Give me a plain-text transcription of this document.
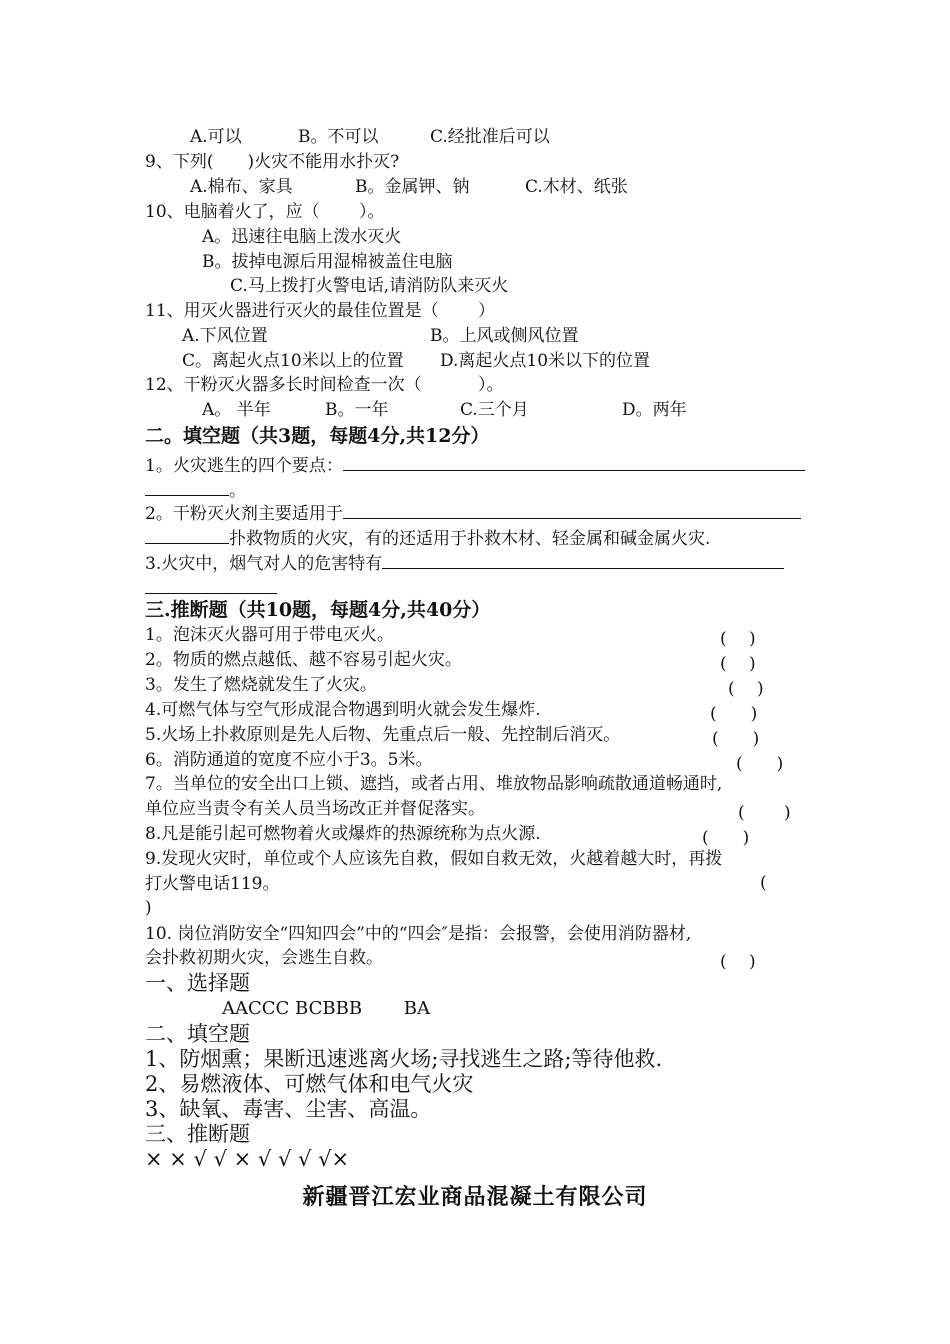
A.可以	B。不可以	C.经批准后可以
9、下列(　　)火灾不能用水扑灭?
A.棉布、家具	B。金属钾、钠	C.木材、纸张
10、电脑着火了，应（　　 ）。
A。迅速往电脑上泼水灭火
B。拔掉电源后用湿棉被盖住电脑
C.马上拨打火警电话,请消防队来灭火
11、用灭火器进行灭火的最佳位置是（　　 ）
A.下风位置	B。上风或侧风位置
C。离起火点10米以上的位置 D.离起火点10米以下的位置
12、干粉灭火器多长时间检查一次（　　　 ）。
A。 半年	B。一年	C.三个月	D。两年
二。填空题（共3题，每题4分,共12分）
1。火灾逃生的四个要点：
。
2。干粉灭火剂主要适用于
扑救物质的火灾，有的还适用于扑救木材、轻金属和碱金属火灾.
3.火灾中，烟气对人的危害特有
三.推断题（共10题，每题4分,共40分）
1。泡沫灭火器可用于带电灭火。	(　 )
2。物质的燃点越低、越不容易引起火灾。	(　 )
3。发生了燃烧就发生了火灾。	(　 )
4.可燃气体与空气形成混合物遇到明火就会发生爆炸.	(　　)
5.火场上扑救原则是先人后物、先重点后一般、先控制后消灭。	(　　)
6。消防通道的宽度不应小于3。5米。	(　　)
7。当单位的安全出口上锁、遮挡，或者占用、堆放物品影响疏散通道畅通时,
单位应当责令有关人员当场改正并督促落实。	(　　 )
8.凡是能引起可燃物着火或爆炸的热源统称为点火源.	(　　)
9.发现火灾时，单位或个人应该先自救，假如自救无效，火越着越大时，再拨
打火警电话119。	(
)
10. 岗位消防安全“四知四会”中的“四会″是指：会报警，会使用消防器材,
会扑救初期火灾，会逃生自救。	(　 )
一、选择题
AACCC BCBBB　　 BA
二、填空题
1、防烟熏；果断迅速逃离火场;寻找逃生之路;等待他救.
2、易燃液体、可燃气体和电气火灾
3、缺氧、毒害、尘害、高温。
三、推断题
× × √ √ × √ √ √ √×
新疆晋江宏业商品混凝土有限公司
